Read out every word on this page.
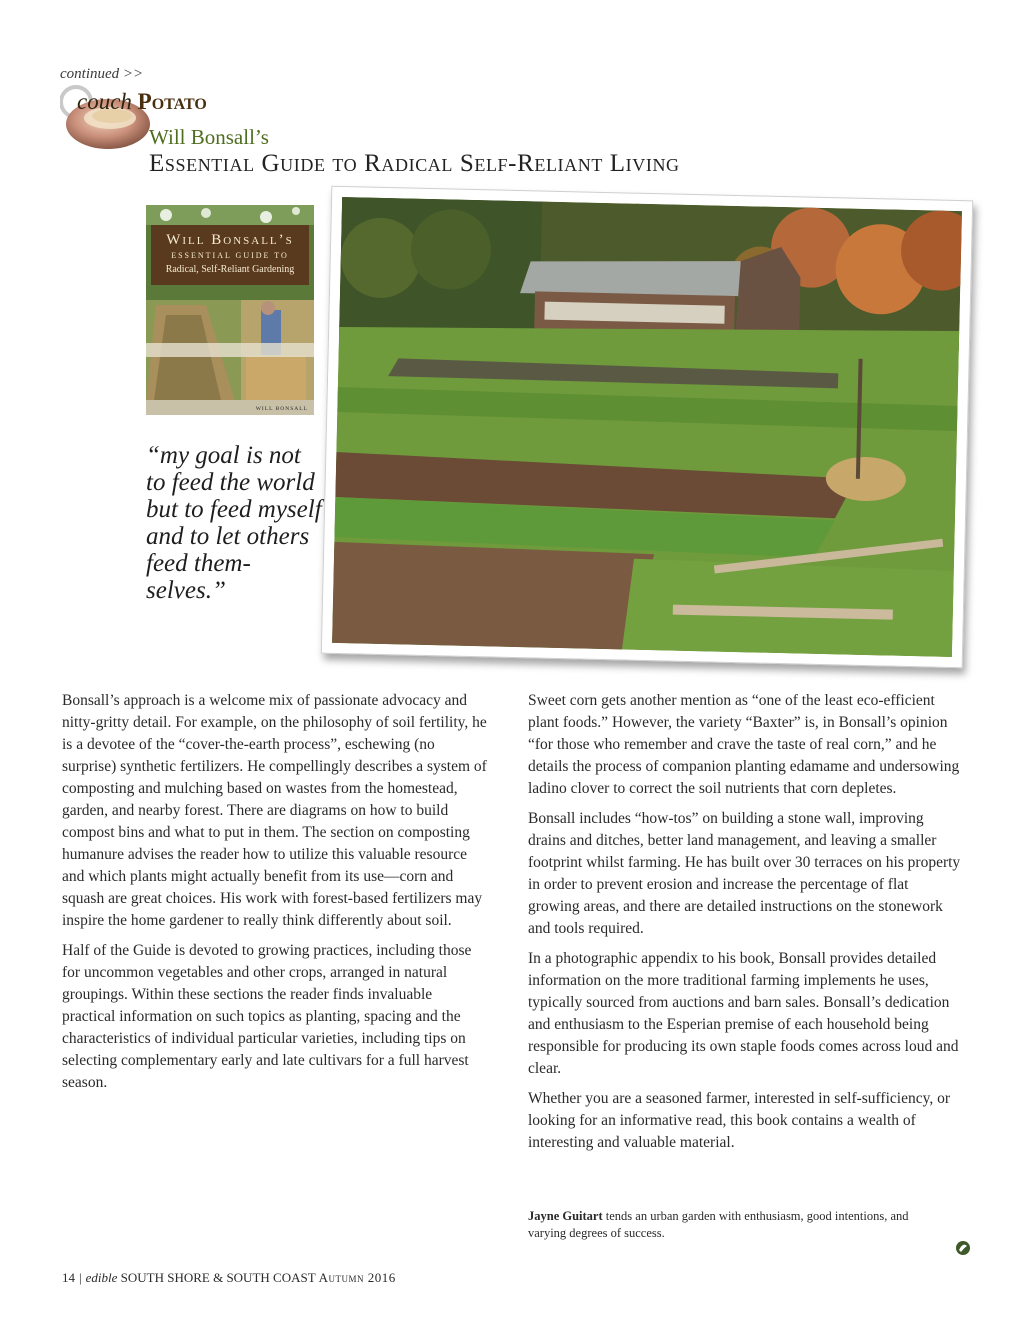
continued >>
couch Potato
Will Bonsall’s
Essential Guide to Radical Self-Reliant Living
Will Bonsall’s
ESSENTIAL GUIDE TO
Radical, Self-Reliant Gardening
WILL BONSALL
“my goal is not to feed the world but to feed myself and to let others feed them-selves.”

Bonsall’s approach is a welcome mix of passionate advocacy and nitty-gritty detail. For example, on the philosophy of soil fertility, he is a devotee of the “cover-the-earth process”, eschewing (no surprise) synthetic fertilizers. He compellingly describes a system of composting and mulching based on wastes from the homestead, garden, and nearby forest. There are diagrams on how to build compost bins and what to put in them. The section on composting humanure advises the reader how to utilize this valuable resource and which plants might actually benefit from its use—corn and squash are great choices. His work with forest-based fertilizers may inspire the home gardener to really think differently about soil.

Half of the Guide is devoted to growing practices, including those for uncommon vegetables and other crops, arranged in natural groupings. Within these sections the reader finds invaluable practical information on such topics as planting, spacing and the characteristics of individual particular varieties, including tips on selecting complementary early and late cultivars for a full harvest season.

Sweet corn gets another mention as “one of the least eco-efficient plant foods.” However, the variety “Baxter” is, in Bonsall’s opinion “for those who remember and crave the taste of real corn,” and he details the process of companion planting edamame and undersowing ladino clover to correct the soil nutrients that corn depletes.

Bonsall includes “how-tos” on building a stone wall, improving drains and ditches, better land management, and leaving a smaller footprint whilst farming. He has built over 30 terraces on his property in order to prevent erosion and increase the percentage of flat growing areas, and there are detailed instructions on the stonework and tools required.

In a photographic appendix to his book, Bonsall provides detailed information on the more traditional farming implements he uses, typically sourced from auctions and barn sales. Bonsall’s dedication and enthusiasm to the Esperian premise of each household being responsible for producing its own staple foods comes across loud and clear.

Whether you are a seasoned farmer, interested in self-sufficiency, or looking for an informative read, this book contains a wealth of interesting and valuable material.

Jayne Guitart tends an urban garden with enthusiasm, good intentions, and varying degrees of success.
14 | edible SOUTH SHORE & SOUTH COAST Autumn 2016
